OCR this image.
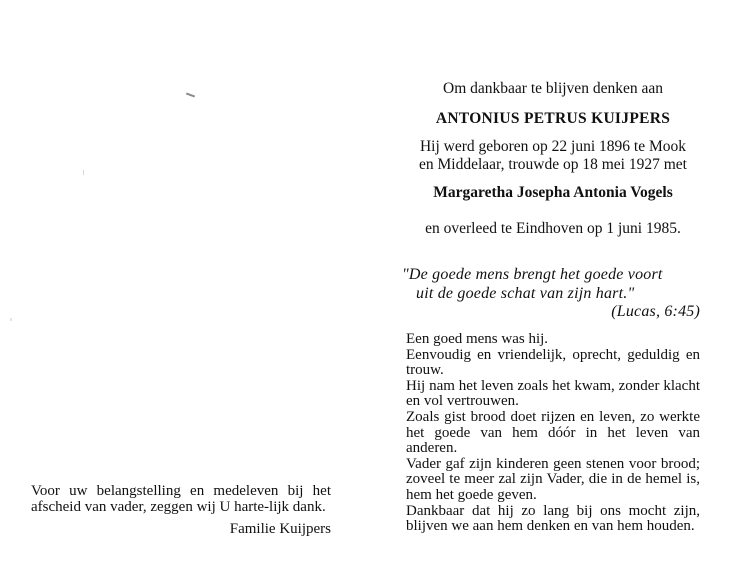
Voor uw belangstelling en medeleven bij het afscheid van vader, zeggen wij U harte-lijk dank.
Familie Kuijpers
Om dankbaar te blijven denken aan
ANTONIUS PETRUS KUIJPERS
Hij werd geboren op 22 juni 1896 te Mook
en Middelaar, trouwde op 18 mei 1927 met
Margaretha Josepha Antonia Vogels
en overleed te Eindhoven op 1 juni 1985.
"De goede mens brengt het goede voort
uit de goede schat van zijn hart."
(Lucas, 6:45)

Een goed mens was hij.

Eenvoudig en vriendelijk, oprecht, geduldig en trouw.

Hij nam het leven zoals het kwam, zonder klacht en vol vertrouwen.

Zoals gist brood doet rijzen en leven, zo werkte het goede van hem dóór in het leven van anderen.

Vader gaf zijn kinderen geen stenen voor brood; zoveel te meer zal zijn Vader, die in de hemel is, hem het goede geven.

Dankbaar dat hij zo lang bij ons mocht zijn, blijven we aan hem denken en van hem houden.
